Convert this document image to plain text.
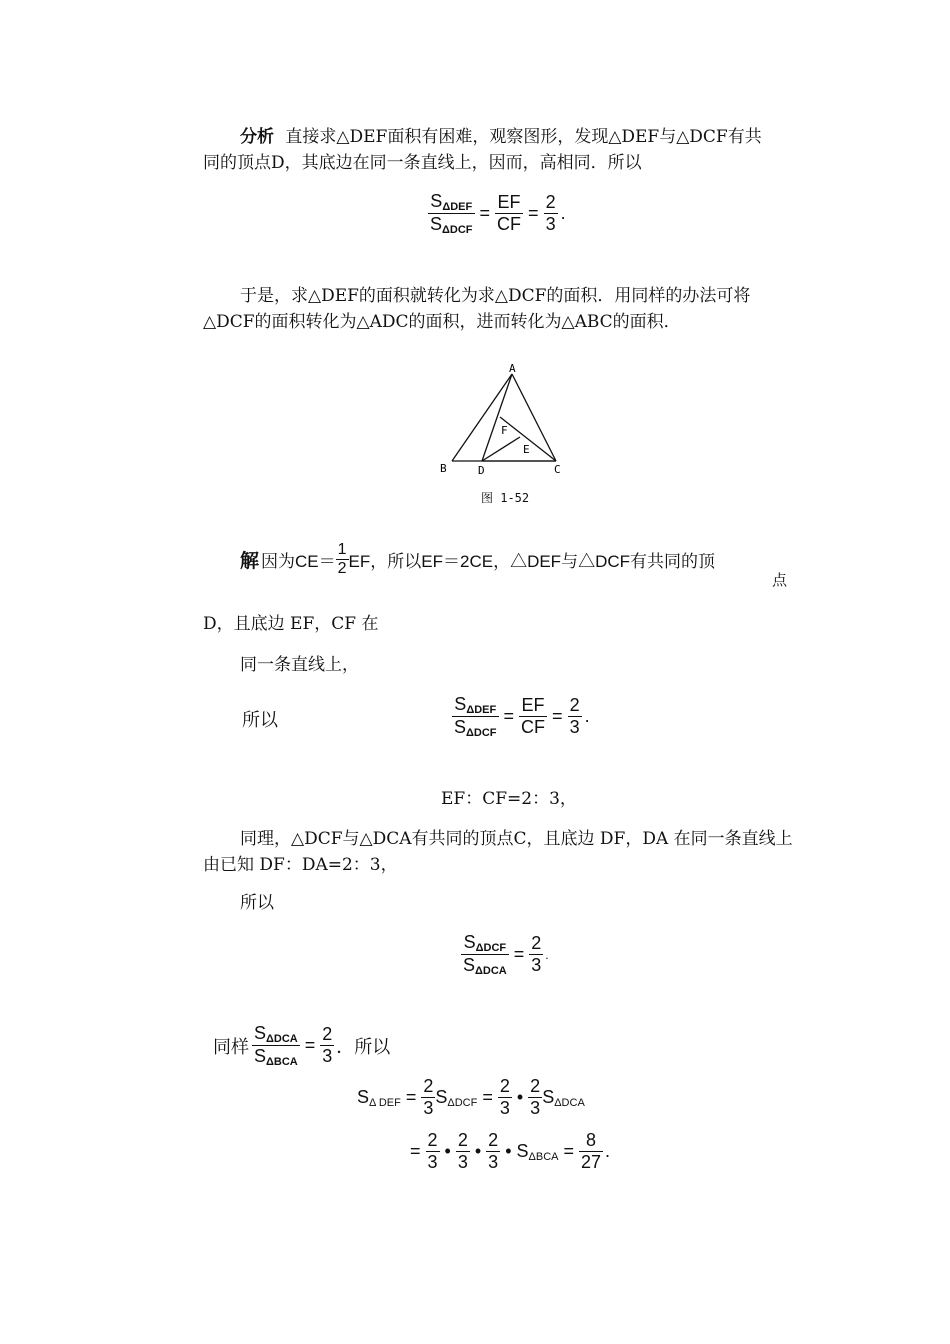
分析 直接求△DEF面积有困难，观察图形，发现△DEF与△DCF有共
同的顶点D，其底边在同一条直线上，因而，高相同．所以
$\frac{S_{\Delta DEF}}{S_{\Delta DCF}} = \frac{EF}{CF} = \frac{2}{3}$ .
于是，求△DEF的面积就转化为求△DCF的面积．用同样的办法可将
△DCF的面积转化为△ADC的面积，进而转化为△ABC的面积．
A
B	C
D
E
F
图 1-52
解 因为$CE= \frac{1}{2}$ EF，所以EF＝2CE，△DEF与△DCF有共同的顶
点
D，且底边 EF，CF 在
同一条直线上，
所以	$\frac{S_{\Delta DEF}}{S_{\Delta DCF}} = \frac{EF}{CF} = \frac{2}{3}$ .
EF：CF=2：3，
同理，△DCF与△DCA有共同的顶点C，且底边 DF，DA 在同一条直线上
由已知 DF：DA=2：3，
所以
$\frac{S_{\Delta DCF}}{S_{\Delta DCA}} = \frac{2}{3}$ .
同样 $\frac{S_{\Delta DCA}}{S_{\Delta BCA}} = \frac{2}{3}$ ．所以
SΔ DEF = $\frac{2}{3}$ $S\Delta DCF = \frac{2}{3}$ • $\frac{2}{3}$ SΔDCA
= $\frac{2}{3}$ • $\frac{2}{3}$ • $\frac{2}{3}$ • $S\Delta BCA = \frac{8}{27}$ .
